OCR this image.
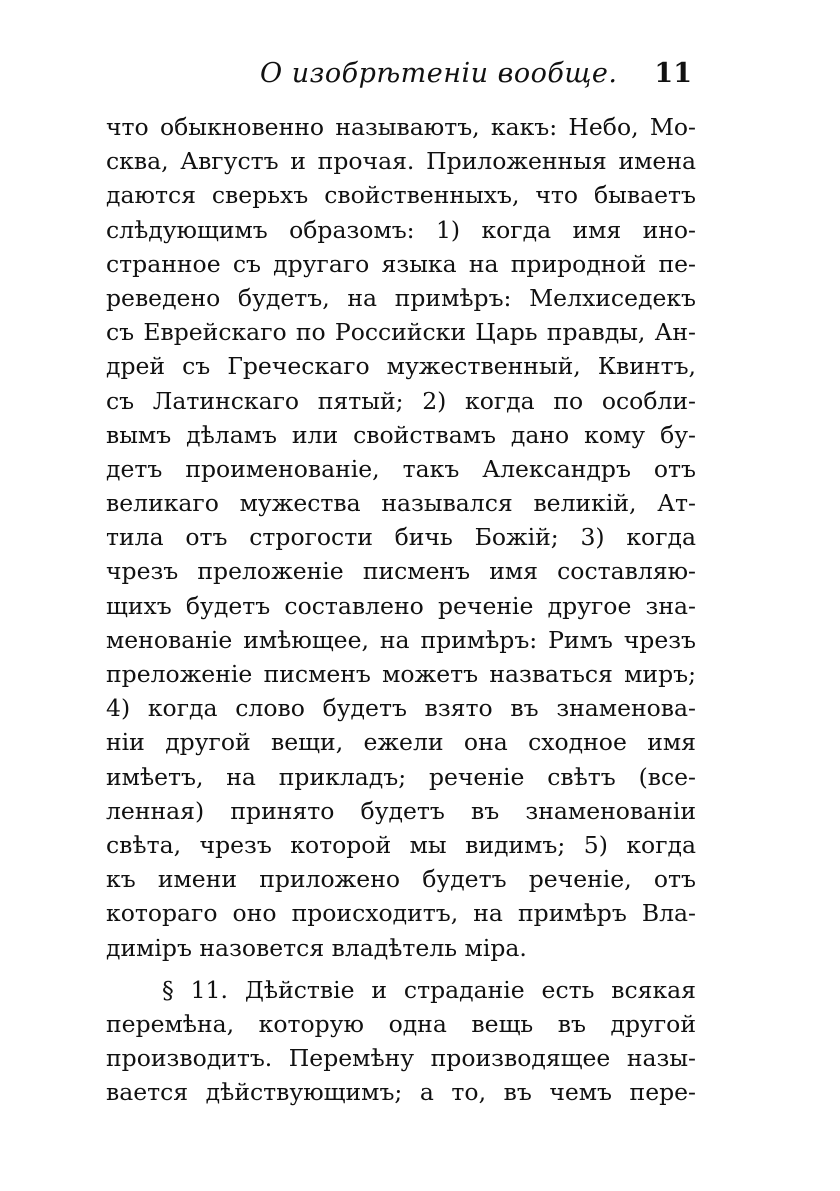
О изобрѣтеніи вообще. 11
что обыкновенно называютъ, какъ: Небо, Мо-
сква, Августъ и прочая. Приложенныя имена
даются сверьхъ свойственныхъ, что бываетъ
слѣдующимъ образомъ: 1) когда имя ино-
странное съ другаго языка на природной пе-
реведено будетъ, на примѣръ: Мелхиседекъ
съ Еврейскаго по Российски Царь правды, Ан-
дрей съ Греческаго мужественный, Квинтъ,
съ Латинскаго пятый; 2) когда по особли-
вымъ дѣламъ или свойствамъ дано кому бу-
детъ проименованіе, такъ Александръ отъ
великаго мужества назывался великій, Ат-
тила отъ строгости бичь Божій; 3) когда
чрезъ преложеніе писменъ имя составляю-
щихъ будетъ составлено реченіе другое зна-
менованіе имѣющее, на примѣръ: Римъ чрезъ
преложеніе писменъ можетъ назваться миръ;
4) когда слово будетъ взято въ знаменова-
ніи другой вещи, ежели она сходное имя
имѣетъ, на прикладъ; реченіе свѣтъ (все-
ленная) принято будетъ въ знаменованіи
свѣта, чрезъ которой мы видимъ; 5) когда
къ имени приложено будетъ реченіе, отъ
котораго оно происходитъ, на примѣръ Вла-
диміръ назовется владѣтель міра.
§ 11. Дѣйствіе и страданіе есть всякая
перемѣна, которую одна вещь въ другой
производитъ. Перемѣну производящее назы-
вается дѣйствующимъ; а то, въ чемъ пере-
